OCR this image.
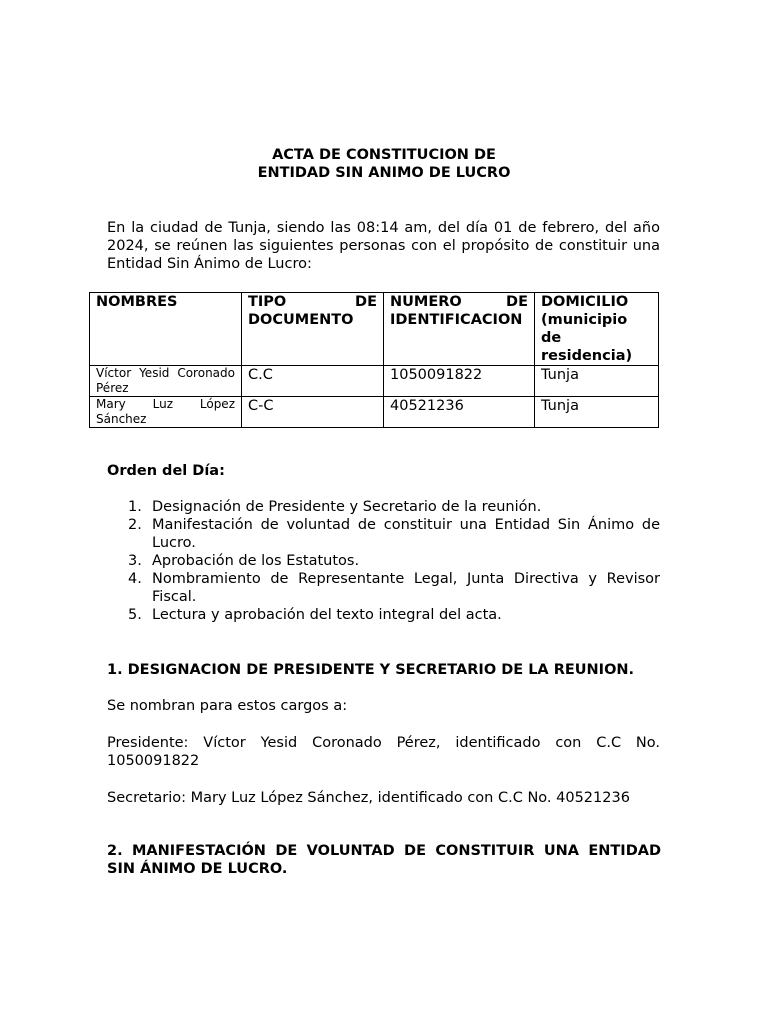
ACTA DE CONSTITUCION DE
ENTIDAD SIN ANIMO DE LUCRO
En la ciudad de Tunja, siendo las 08:14 am, del día 01 de febrero, del año 2024, se reúnen las siguientes personas con el propósito de constituir una Entidad Sin Ánimo de Lucro:
NOMBRES	TIPO DE DOCUMENTO	NUMERO DE IDENTIFICACION	DOMICILIO (municipio de residencia)
Víctor Yesid Coronado Pérez	C.C	1050091822	Tunja
Mary Luz López Sánchez	C-C	40521236	Tunja
Orden del Día:
1. Designación de Presidente y Secretario de la reunión.
2. Manifestación de voluntad de constituir una Entidad Sin Ánimo de Lucro.
3. Aprobación de los Estatutos.
4. Nombramiento de Representante Legal, Junta Directiva y Revisor Fiscal.
5. Lectura y aprobación del texto integral del acta.
1. DESIGNACION DE PRESIDENTE Y SECRETARIO DE LA REUNION.
Se nombran para estos cargos a:
Presidente: Víctor Yesid Coronado Pérez, identificado con C.C No. 1050091822
Secretario: Mary Luz López Sánchez, identificado con C.C No. 40521236
2. MANIFESTACIÓN DE VOLUNTAD DE CONSTITUIR UNA ENTIDAD SIN ÁNIMO DE LUCRO.
